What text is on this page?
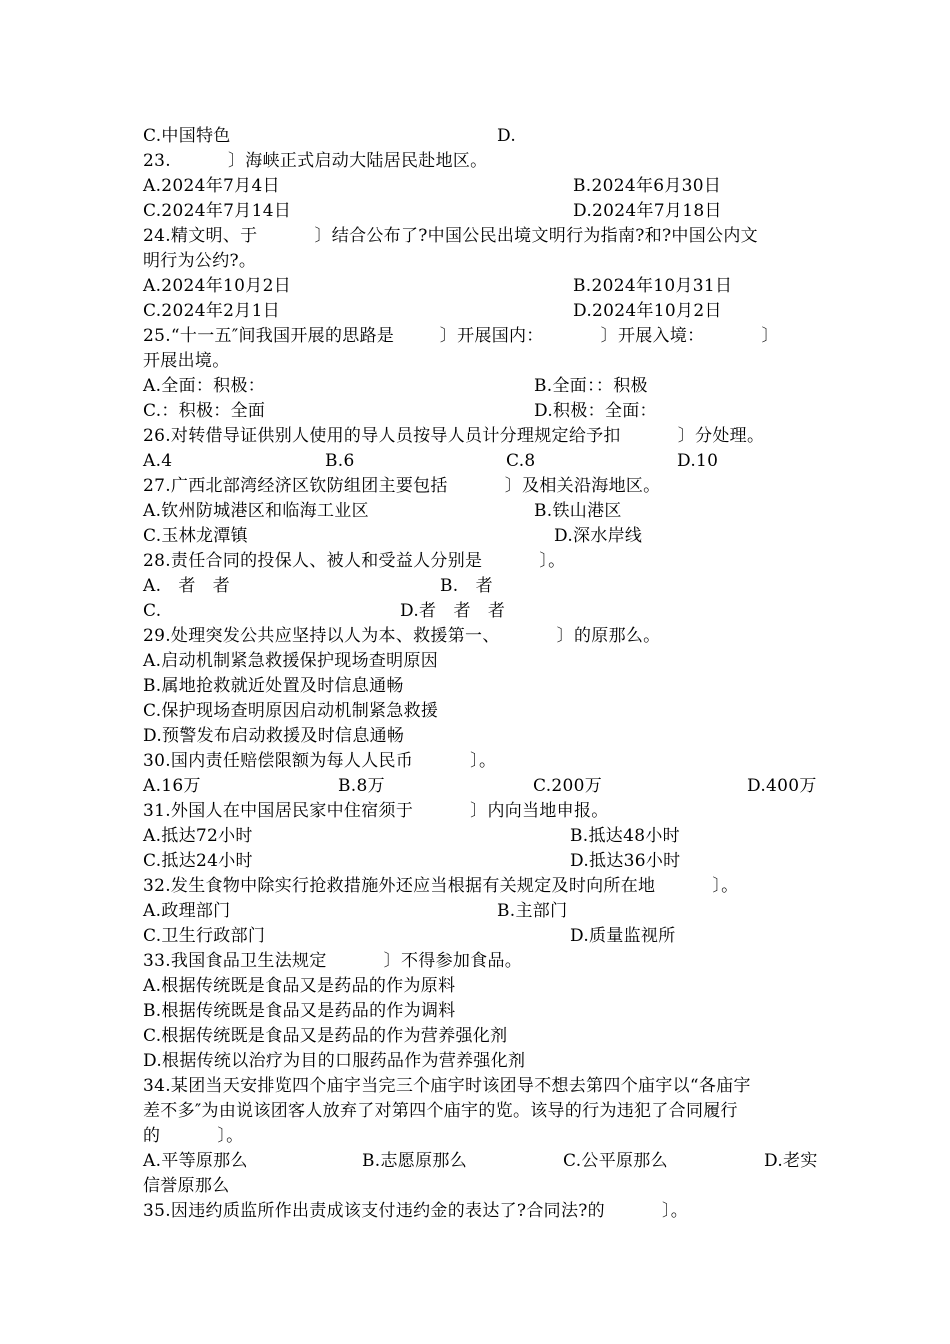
C.中国特色	D.
23.          〕海峡正式启动大陆居民赴地区。
A.2024年7月4日	B.2024年6月30日
C.2024年7月14日	D.2024年7月18日
24.精文明、于          〕结合公布了?中国公民出境文明行为指南?和?中国公内文
明行为公约?。
A.2024年10月2日	B.2024年10月31日
C.2024年2月1日	D.2024年10月2日
25.“十一五″间我国开展的思路是        〕开展国内：          〕开展入境：          〕
开展出境。
A.全面：积极：	B.全面：：积极
C.：积极：全面	D.积极：全面：
26.对转借导证供别人使用的导人员按导人员计分理规定给予扣          〕分处理。
A.4	B.6	C.8	D.10
27.广西北部湾经济区钦防组团主要包括          〕及相关沿海地区。
A.钦州防城港区和临海工业区	B.铁山港区
C.玉林龙潭镇	D.深水岸线
28.责任合同的投保人、被人和受益人分别是          〕。
A.   者   者	B.   者
C.	D.者   者   者
29.处理突发公共应坚持以人为本、救援第一、          〕的原那么。
A.启动机制紧急救援保护现场查明原因
B.属地抢救就近处置及时信息通畅
C.保护现场查明原因启动机制紧急救援
D.预警发布启动救援及时信息通畅
30.国内责任赔偿限额为每人人民币          〕。
A.16万	B.8万	C.200万	D.400万
31.外国人在中国居民家中住宿须于          〕内向当地申报。
A.抵达72小时	B.抵达48小时
C.抵达24小时	D.抵达36小时
32.发生食物中除实行抢救措施外还应当根据有关规定及时向所在地          〕。
A.政理部门	B.主部门
C.卫生行政部门	D.质量监视所
33.我国食品卫生法规定          〕不得参加食品。
A.根据传统既是食品又是药品的作为原料
B.根据传统既是食品又是药品的作为调料
C.根据传统既是食品又是药品的作为营养强化剂
D.根据传统以治疗为目的口服药品作为营养强化剂
34.某团当天安排览四个庙宇当完三个庙宇时该团导不想去第四个庙宇以“各庙宇
差不多″为由说该团客人放弃了对第四个庙宇的览。该导的行为违犯了合同履行
的          〕。
A.平等原那么	B.志愿原那么	C.公平原那么	D.老实
信誉原那么
35.因违约质监所作出责成该支付违约金的表达了?合同法?的          〕。
